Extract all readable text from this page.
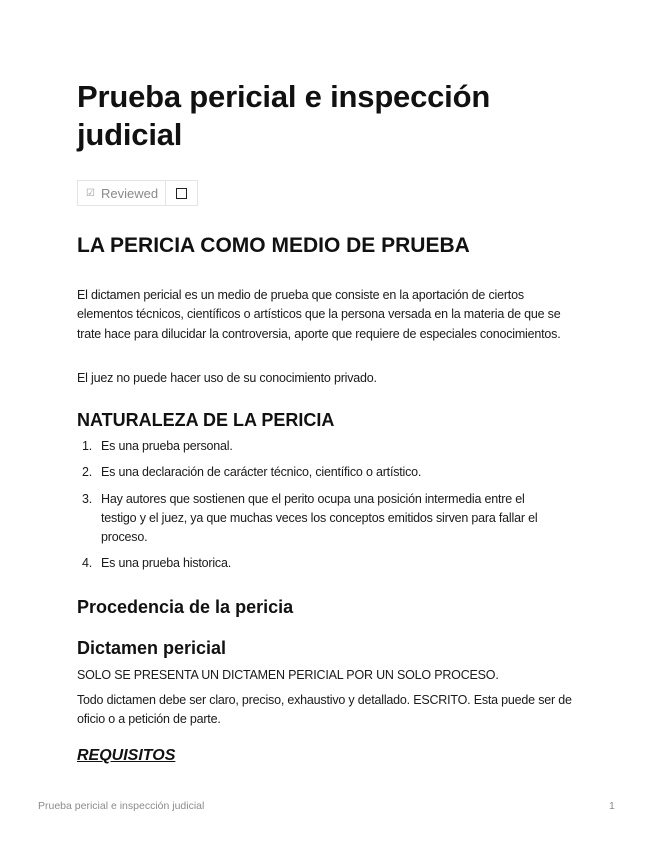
Prueba pericial e inspección judicial
☑ Reviewed
LA PERICIA COMO MEDIO DE PRUEBA

El dictamen pericial es un medio de prueba que consiste en la aportación de ciertos elementos técnicos, científicos o artísticos que la persona versada en la materia de que se trate hace para dilucidar la controversia, aporte que requiere de especiales conocimientos.

El juez no puede hacer uso de su conocimiento privado.

NATURALEZA DE LA PERICIA
1. Es una prueba personal.
2. Es una declaración de carácter técnico, científico o artístico.
3. Hay autores que sostienen que el perito ocupa una posición intermedia entre el testigo y el juez, ya que muchas veces los conceptos emitidos sirven para fallar el proceso.
4. Es una prueba historica.
Procedencia de la pericia
Dictamen pericial

SOLO SE PRESENTA UN DICTAMEN PERICIAL POR UN SOLO PROCESO.

Todo dictamen debe ser claro, preciso, exhaustivo y detallado. ESCRITO. Esta puede ser de oficio o a petición de parte.

REQUISITOS
Prueba pericial e inspección judicial	1
